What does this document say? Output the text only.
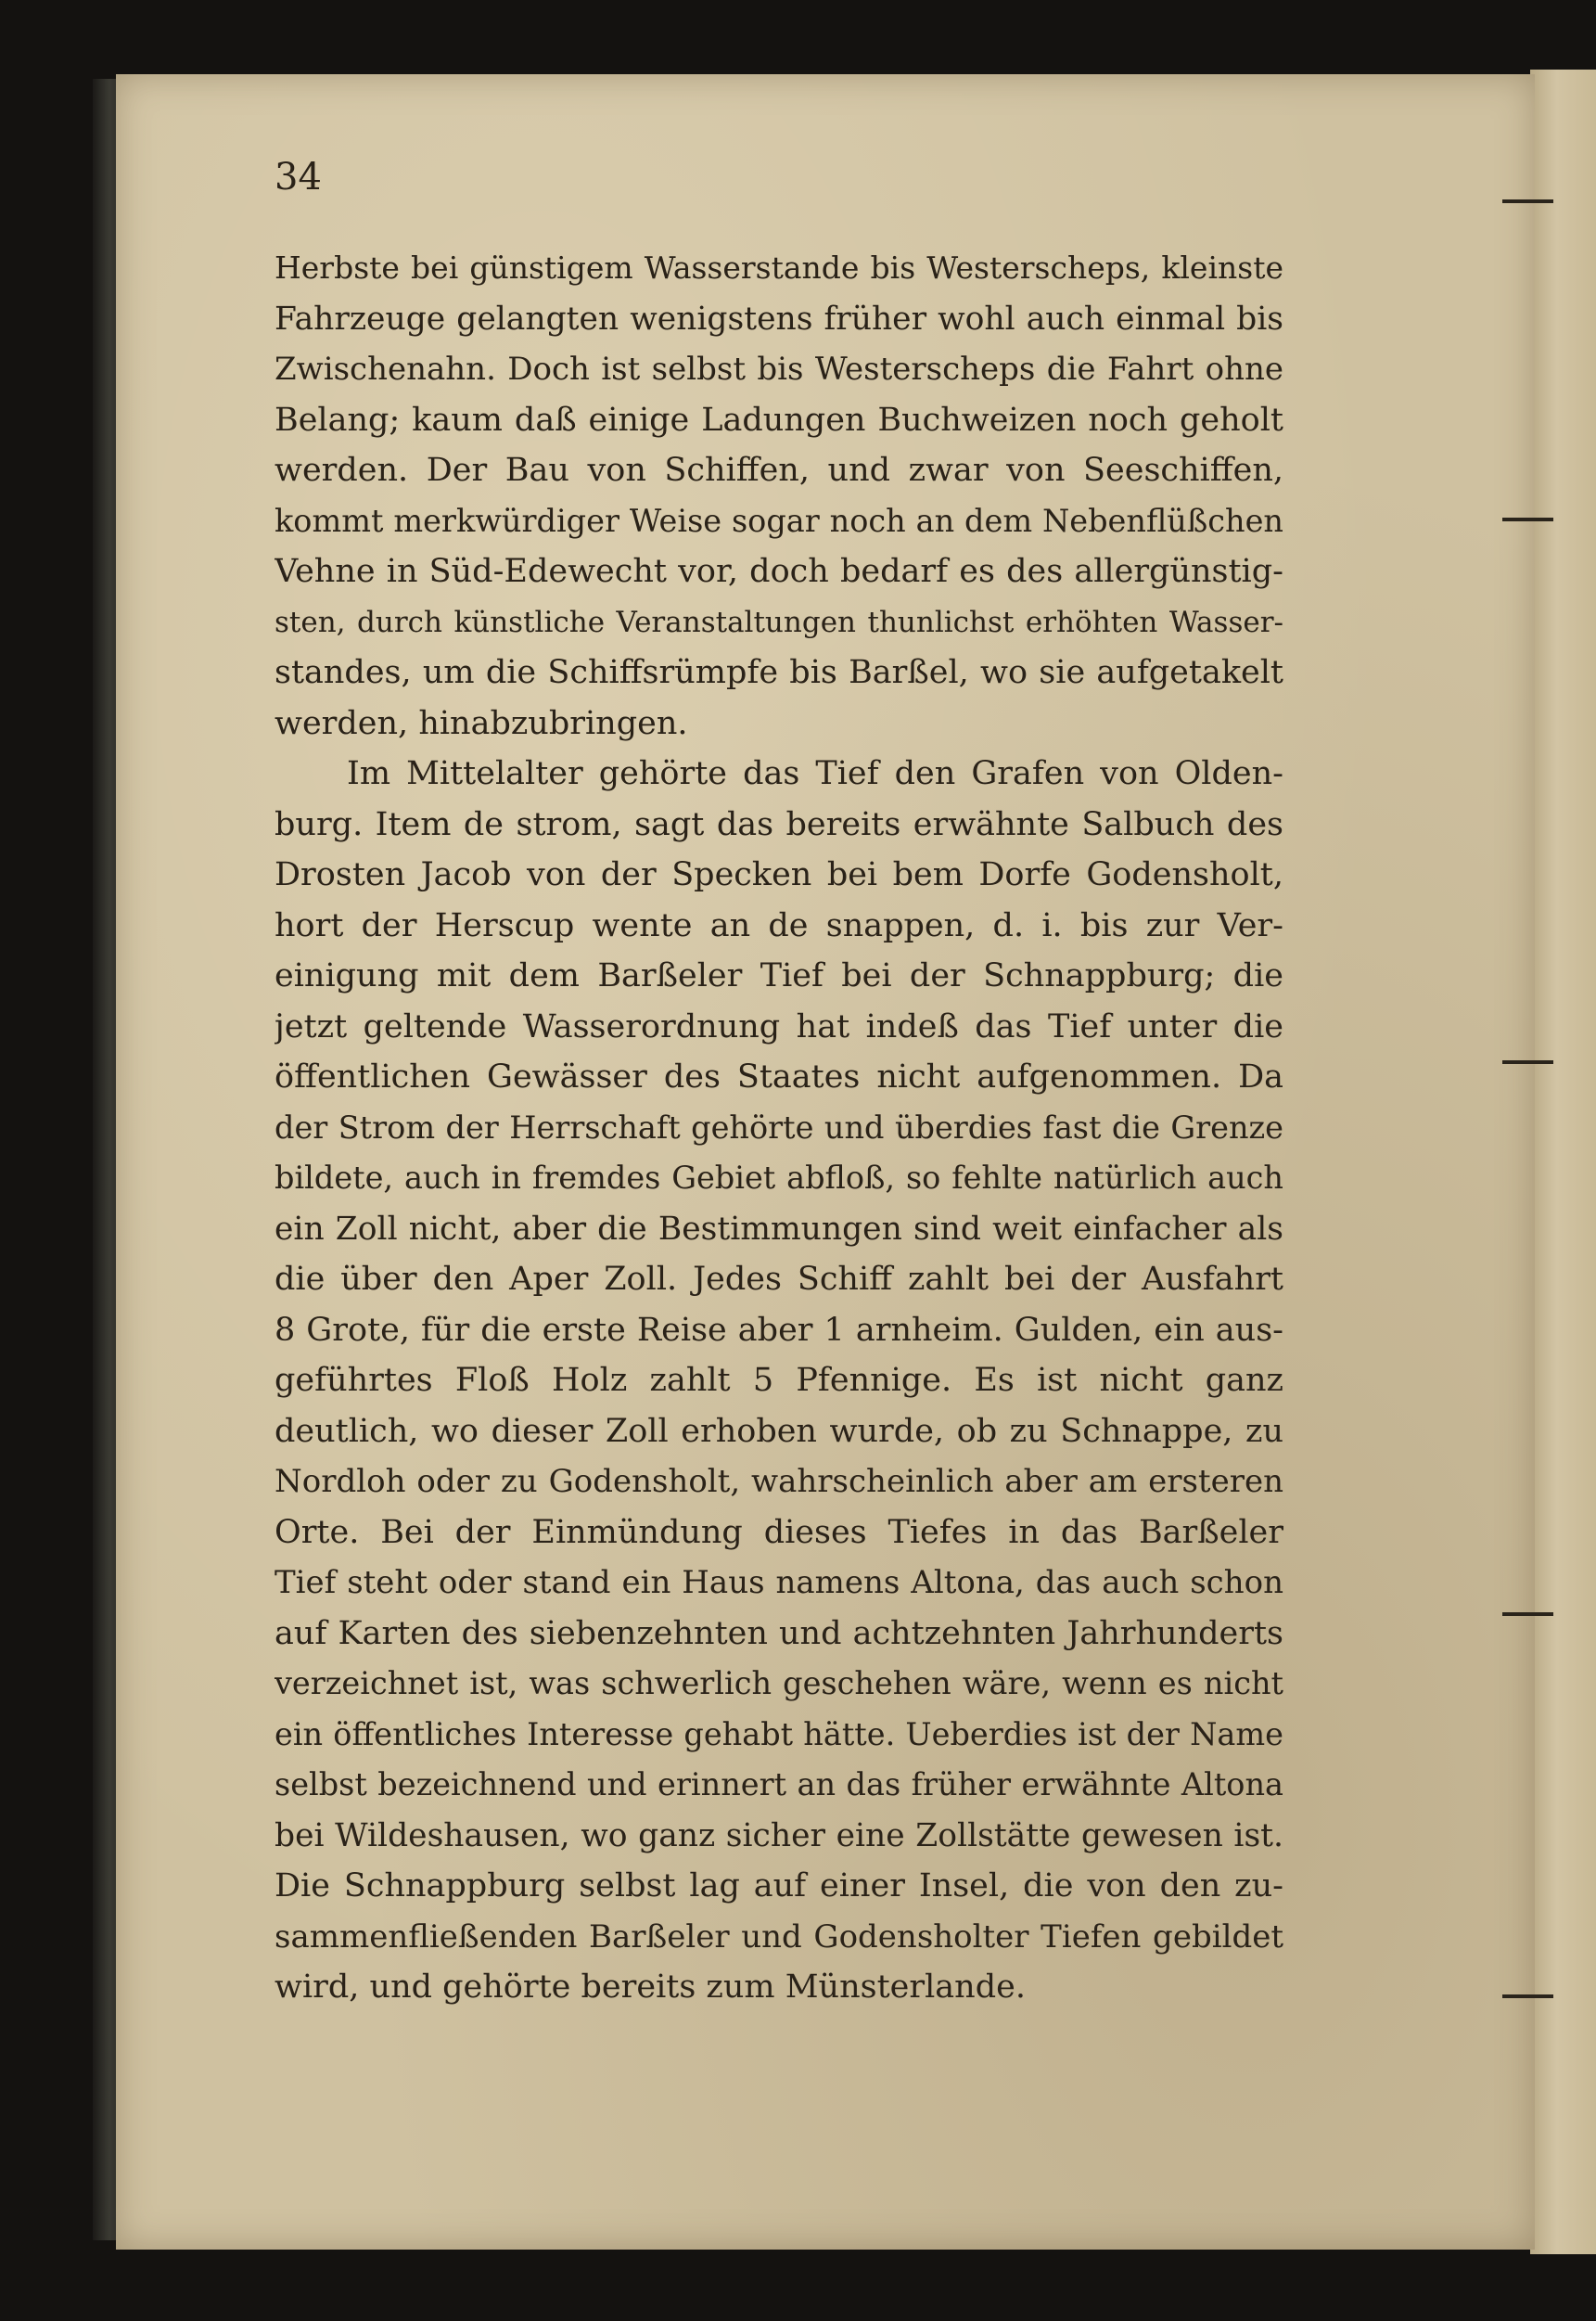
34
Herbste bei günstigem Wasserstande bis Westerscheps, kleinste
Fahrzeuge gelangten wenigstens früher wohl auch einmal bis
Zwischenahn. Doch ist selbst bis Westerscheps die Fahrt ohne
Belang; kaum daß einige Ladungen Buchweizen noch geholt
werden. Der Bau von Schiffen, und zwar von Seeschiffen,
kommt merkwürdiger Weise sogar noch an dem Nebenflüßchen
Vehne in Süd-Edewecht vor, doch bedarf es des allergünstig-
sten, durch künstliche Veranstaltungen thunlichst erhöhten Wasser-
standes, um die Schiffsrümpfe bis Barßel, wo sie aufgetakelt
werden, hinabzubringen.
Im Mittelalter gehörte das Tief den Grafen von Olden-
burg. Item de strom, sagt das bereits erwähnte Salbuch des
Drosten Jacob von der Specken bei bem Dorfe Godensholt,
hort der Herscup wente an de snappen, d. i. bis zur Ver-
einigung mit dem Barßeler Tief bei der Schnappburg; die
jetzt geltende Wasserordnung hat indeß das Tief unter die
öffentlichen Gewässer des Staates nicht aufgenommen. Da
der Strom der Herrschaft gehörte und überdies fast die Grenze
bildete, auch in fremdes Gebiet abfloß, so fehlte natürlich auch
ein Zoll nicht, aber die Bestimmungen sind weit einfacher als
die über den Aper Zoll. Jedes Schiff zahlt bei der Ausfahrt
8 Grote, für die erste Reise aber 1 arnheim. Gulden, ein aus-
geführtes Floß Holz zahlt 5 Pfennige. Es ist nicht ganz
deutlich, wo dieser Zoll erhoben wurde, ob zu Schnappe, zu
Nordloh oder zu Godensholt, wahrscheinlich aber am ersteren
Orte. Bei der Einmündung dieses Tiefes in das Barßeler
Tief steht oder stand ein Haus namens Altona, das auch schon
auf Karten des siebenzehnten und achtzehnten Jahrhunderts
verzeichnet ist, was schwerlich geschehen wäre, wenn es nicht
ein öffentliches Interesse gehabt hätte. Ueberdies ist der Name
selbst bezeichnend und erinnert an das früher erwähnte Altona
bei Wildeshausen, wo ganz sicher eine Zollstätte gewesen ist.
Die Schnappburg selbst lag auf einer Insel, die von den zu-
sammenfließenden Barßeler und Godensholter Tiefen gebildet
wird, und gehörte bereits zum Münsterlande.
